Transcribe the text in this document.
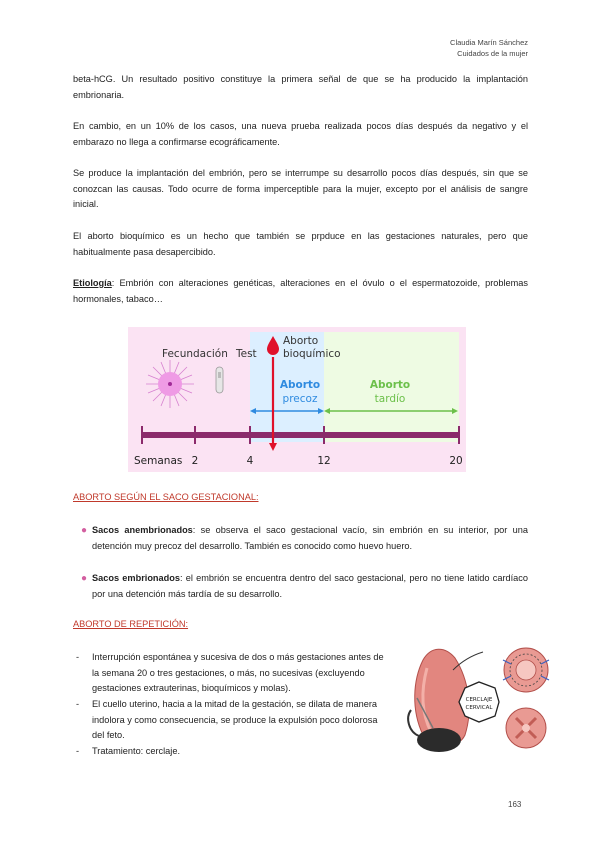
Claudia Marín Sánchez
Cuidados de la mujer
beta-hCG. Un resultado positivo constituye la primera señal de que se ha producido la implantación embrionaria.
En cambio, en un 10% de los casos, una nueva prueba realizada pocos días después da negativo y el embarazo no llega a confirmarse ecográficamente.
Se produce la implantación del embrión, pero se interrumpe su desarrollo pocos días después, sin que se conozcan las causas. Todo ocurre de forma imperceptible para la mujer, excepto por el análisis de sangre inicial.
El aborto bioquímico es un hecho que también se prpduce en las gestaciones naturales, pero que habitualmente pasa desapercibido.
Etiología: Embrión con alteraciones genéticas, alteraciones en el óvulo o el espermatozoide, problemas hormonales, tabaco…
Fecundación Test
Aborto
bioquímico
Aborto
precoz
Aborto
tardío
Semanas 2	4	12	20
ABORTO SEGÚN EL SACO GESTACIONAL:
● Sacos anembrionados: se observa el saco gestacional vacío, sin embrión en su interior, por una detención muy precoz del desarrollo. También es conocido como huevo huero.
● Sacos embrionados: el embrión se encuentra dentro del saco gestacional, pero no tiene latido cardíaco por una detención más tardía de su desarrollo.
ABORTO DE REPETICIÓN:
- Interrupción espontánea y sucesiva de dos o más gestaciones antes de la semana 20 o tres gestaciones, o más, no sucesivas (excluyendo gestaciones extrauterinas, bioquímicos y molas).
- El cuello uterino, hacia a la mitad de la gestación, se dilata de manera indolora y como consecuencia, se produce la expulsión poco dolorosa del feto.
- Tratamiento: cerclaje.
CERCLAJE
CERVICAL
163
